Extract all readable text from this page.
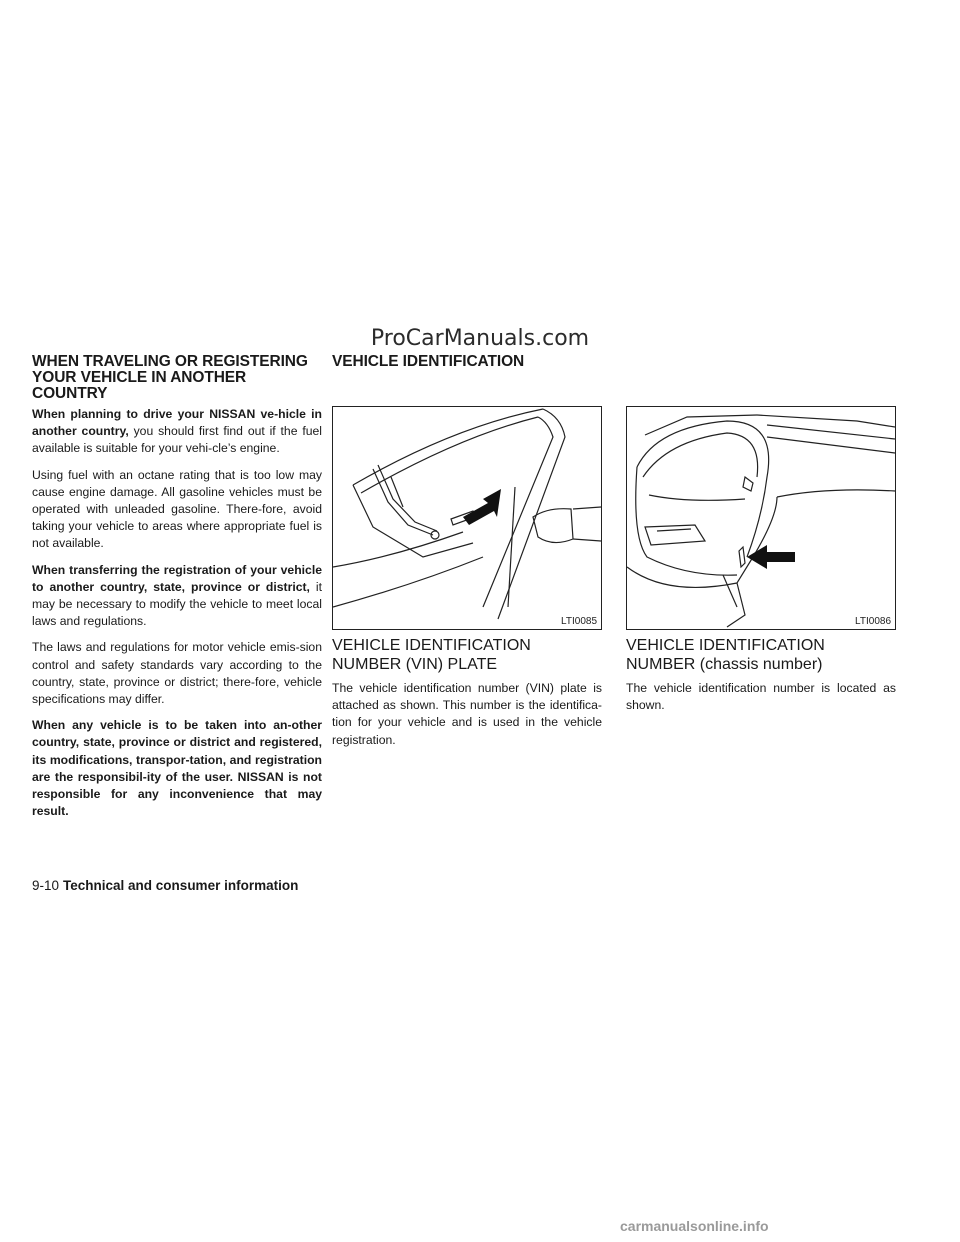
ProCarManuals.com
WHEN TRAVELING OR REGISTERING YOUR VEHICLE IN ANOTHER COUNTRY

When planning to drive your NISSAN ve-hicle in another country, you should first find out if the fuel available is suitable for your vehi-cle’s engine.

Using fuel with an octane rating that is too low may cause engine damage. All gasoline vehicles must be operated with unleaded gasoline. There-fore, avoid taking your vehicle to areas where appropriate fuel is not available.

When transferring the registration of your vehicle to another country, state, province or district, it may be necessary to modify the vehicle to meet local laws and regulations.

The laws and regulations for motor vehicle emis-sion control and safety standards vary according to the country, state, province or district; there-fore, vehicle specifications may differ.

When any vehicle is to be taken into an-other country, state, province or district and registered, its modifications, transpor-tation, and registration are the responsibil-ity of the user. NISSAN is not responsible for any inconvenience that may result.

VEHICLE IDENTIFICATION
LTI0085	LTI0086
VEHICLE IDENTIFICATION NUMBER (VIN) PLATE
The vehicle identification number (VIN) plate is attached as shown. This number is the identifica-tion for your vehicle and is used in the vehicle registration.
VEHICLE IDENTIFICATION NUMBER (chassis number)
The vehicle identification number is located as shown.
9-10 Technical and consumer information
carmanualsonline.info
